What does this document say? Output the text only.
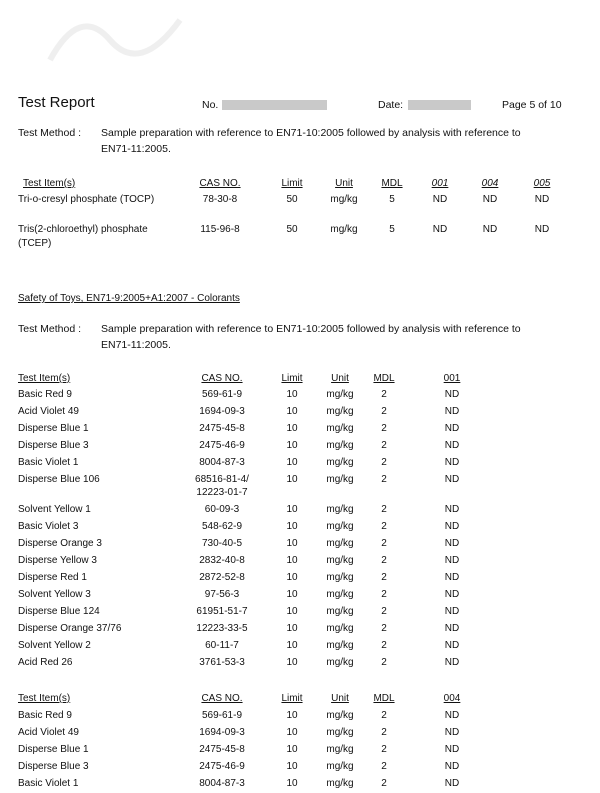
Test Report	No.	Date:	Page 5 of 10
Test Method : Sample preparation with reference to EN71-10:2005 followed by analysis with reference to
EN71-11:2005.
Test Item(s)	CAS NO.	Limit	Unit	MDL	001	004	005
Tri-o-cresyl phosphate (TOCP)	78-30-8	50	mg/kg	5	ND	ND	ND
Tris(2-chloroethyl) phosphate
(TCEP)
115-96-8	50	mg/kg	5	ND	ND	ND
Safety of Toys, EN71-9:2005+A1:2007 - Colorants
Test Method : Sample preparation with reference to EN71-10:2005 followed by analysis with reference to
EN71-11:2005.
Test Item(s)	CAS NO.	Limit	Unit	MDL	001
Basic Red 9	569-61-9	10	mg/kg	2	ND
Acid Violet 49	1694-09-3	10	mg/kg	2	ND
Disperse Blue 1	2475-45-8	10	mg/kg	2	ND
Disperse Blue 3	2475-46-9	10	mg/kg	2	ND
Basic Violet 1	8004-87-3	10	mg/kg	2	ND
Disperse Blue 106	68516-81-4/
12223-01-7
10	mg/kg	2	ND
Solvent Yellow 1	60-09-3	10	mg/kg	2	ND
Basic Violet 3	548-62-9	10	mg/kg	2	ND
Disperse Orange 3	730-40-5	10	mg/kg	2	ND
Disperse Yellow 3	2832-40-8	10	mg/kg	2	ND
Disperse Red 1	2872-52-8	10	mg/kg	2	ND
Solvent Yellow 3	97-56-3	10	mg/kg	2	ND
Disperse Blue 124	61951-51-7	10	mg/kg	2	ND
Disperse Orange 37/76	12223-33-5	10	mg/kg	2	ND
Solvent Yellow 2	60-11-7	10	mg/kg	2	ND
Acid Red 26	3761-53-3	10	mg/kg	2	ND
Test Item(s)	CAS NO.	Limit	Unit	MDL	004
Basic Red 9	569-61-9	10	mg/kg	2	ND
Acid Violet 49	1694-09-3	10	mg/kg	2	ND
Disperse Blue 1	2475-45-8	10	mg/kg	2	ND
Disperse Blue 3	2475-46-9	10	mg/kg	2	ND
Basic Violet 1	8004-87-3	10	mg/kg	2	ND
